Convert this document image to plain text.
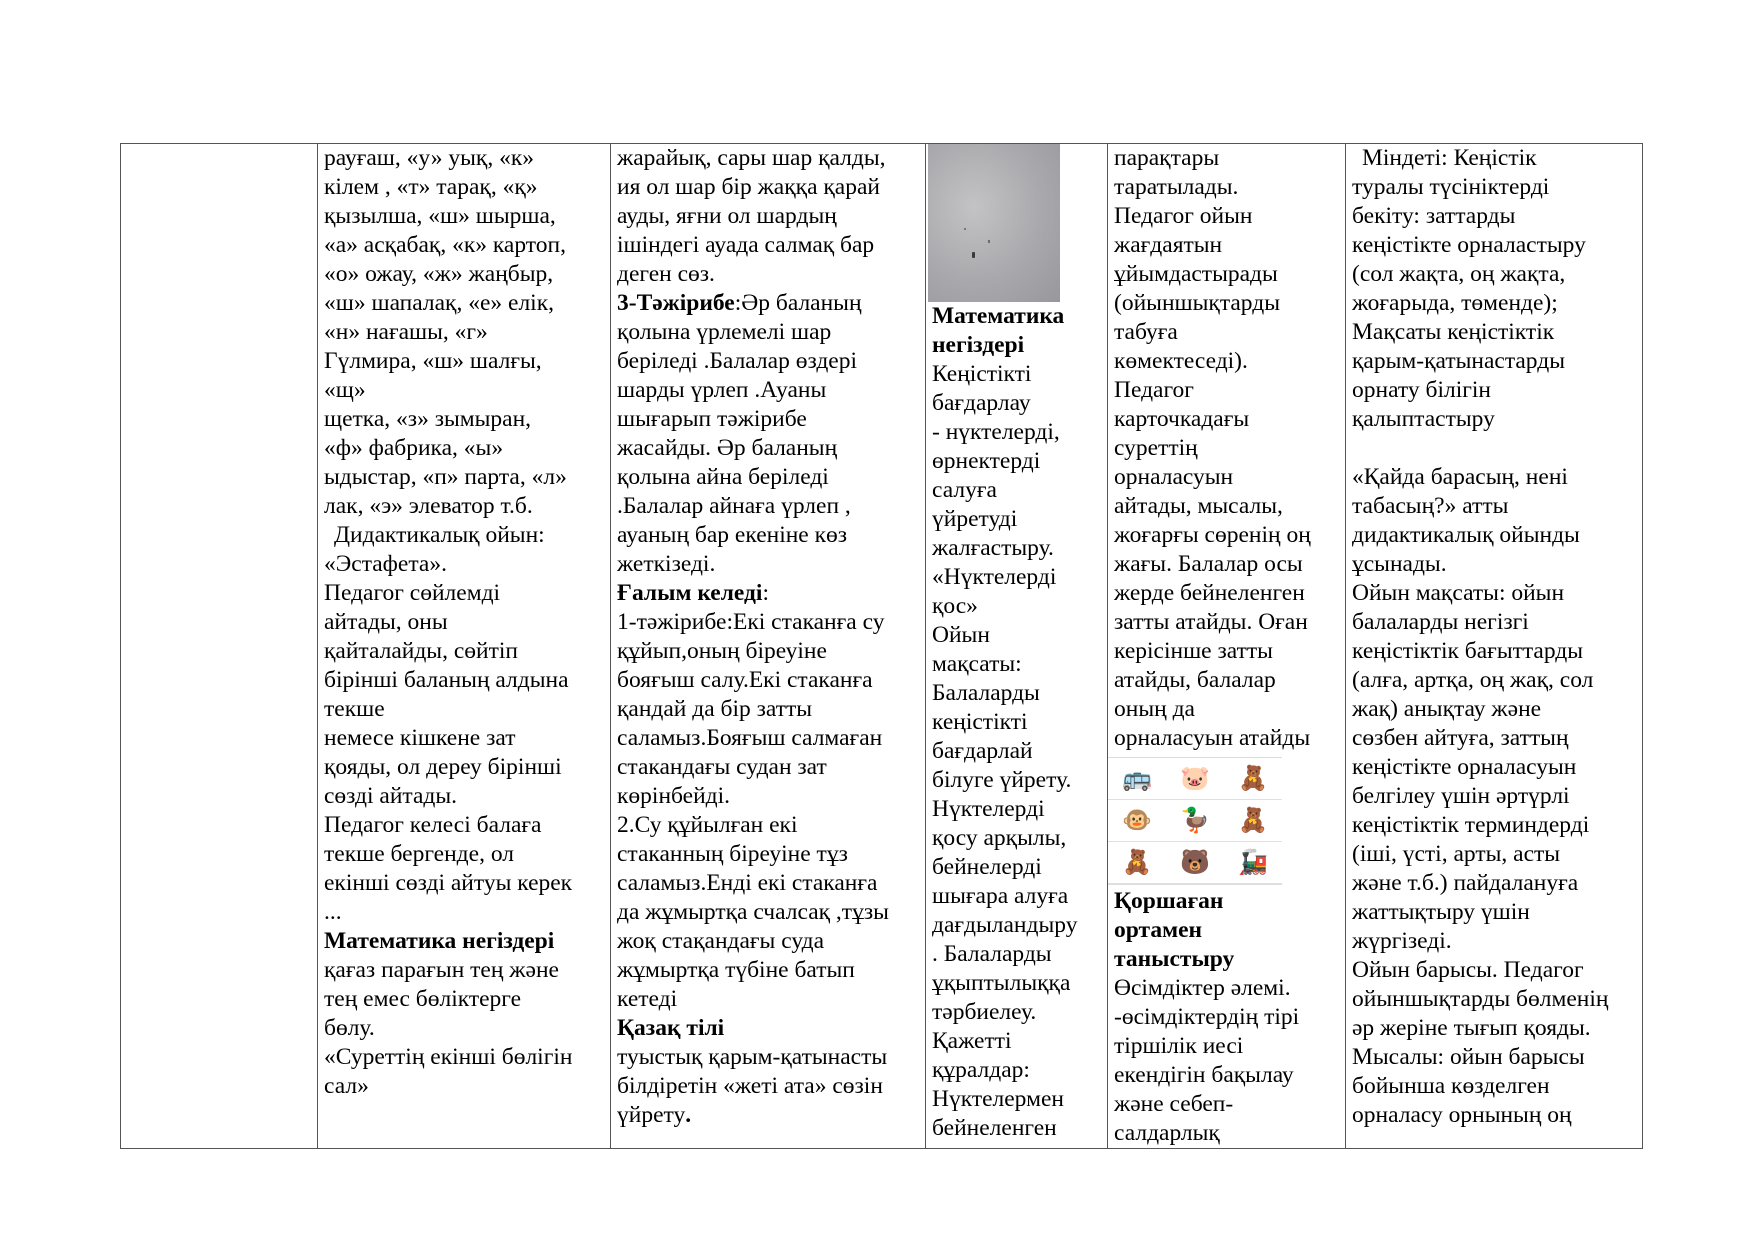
рауғаш, «у» уық, «к»
кілем , «т» тарақ, «қ»
қызылша, «ш» шырша,
«а» асқабақ, «к» картоп,
«о» ожау, «ж» жаңбыр,
«ш» шапалақ, «е» елік,
«н» нағашы, «г»
Гүлмира, «ш» шалғы,
«щ»
щетка, «з» зымыран,
«ф» фабрика, «ы»
ыдыстар, «п» парта, «л»
лак, «э» элеватор т.б.
Дидактикалық ойын:
«Эстафета».
Педагог сөйлемді
айтады, оны
қайталайды, сөйтіп
бірінші баланың алдына
текше
немесе кішкене зат
қояды, ол дереу бірінші
сөзді айтады.
Педагог келесі балаға
текше бергенде, ол
екінші сөзді айтуы керек
...
Математика негіздері
қағаз парағын тең және
тең емес бөліктерге
бөлу.
«Суреттің екінші бөлігін
сал»

жарайық, сары шар қалды,
ия ол шар бір жаққа қарай
ауды, яғни ол шардың
ішіндегі ауада салмақ бар
деген сөз.
3-Тәжірибе:Әр баланың
қолына үрлемелі шар
беріледі .Балалар өздері
шарды үрлеп .Ауаны
шығарып тәжірибе
жасайды. Әр баланың
қолына айна беріледі
.Балалар айнаға үрлеп ,
ауаның бар екеніне көз
жеткізеді.
Ғалым келеді:
1-тәжірибе:Екі стаканға су
құйып,оның біреуіне
бояғыш салу.Екі стаканға
қандай да бір затты
саламыз.Бояғыш салмаған
стакандағы судан зат
көрінбейді.
2.Су құйылған екі
стаканның біреуіне тұз
саламыз.Енді екі стаканға
да жұмыртқа счалсақ ,тұзы
жоқ стақандағы суда
жұмыртқа түбіне батып
кетеді
Қазақ тілі
туыстық қарым-қатынасты
білдіретін «жеті ата» сөзін
үйрету.

Математика
негіздері
Кеңістікті
бағдарлау
- нүктелерді,
өрнектерді
салуға
үйретуді
жалғастыру.
«Нүктелерді
қос»
Ойын
мақсаты:
Балаларды
кеңістікті
бағдарлай
білуге үйрету.
Нүктелерді
қосу арқылы,
бейнелерді
шығара алуға
дағдыландыру
. Балаларды
ұқыптылыққа
тәрбиелеу.
Қажетті
құралдар:
Нүктелермен
бейнеленген

парақтары
таратылады.
Педагог ойын
жағдаятын
ұйымдастырады
(ойыншықтарды
табуға
көмектеседі).
Педагог
карточкадағы
суреттің
орналасуын
айтады, мысалы,
жоғарғы сөренің оң
жағы. Балалар осы
жерде бейнеленген
затты атайды. Оған
керісінше затты
атайды, балалар
оның да
орналасуын атайды
🚌	🐷	🧸
🐵	🦆	🧸
🧸	🐻	🚂
Қоршаған
ортамен
таныстыру
Өсімдіктер әлемі.
-өсімдіктердің тірі
тіршілік иесі
екендігін бақылау
және себеп-
салдарлық

Міндеті: Кеңістік
туралы түсініктерді
бекіту: заттарды
кеңістікте орналастыру
(сол жақта, оң жақта,
жоғарыда, төменде);
Мақсаты кеңістіктік
қарым-қатынастарды
орнату білігін
қалыптастыру
«Қайда барасың, нені
табасың?» атты
дидактикалық ойынды
ұсынады.
Ойын мақсаты: ойын
балаларды негізгі
кеңістіктік бағыттарды
(алға, артқа, оң жақ, сол
жақ) анықтау және
сөзбен айтуға, заттың
кеңістікте орналасуын
белгілеу үшін әртүрлі
кеңістіктік терминдерді
(ішi, үсті, арты, асты
және т.б.) пайдалануға
жаттықтыру үшін
жүргізеді.
Ойын барысы. Педагог
ойыншықтарды бөлменің
әр жеріне тығып қояды.
Мысалы: ойын барысы
бойынша көзделген
орналасу орнының оң
